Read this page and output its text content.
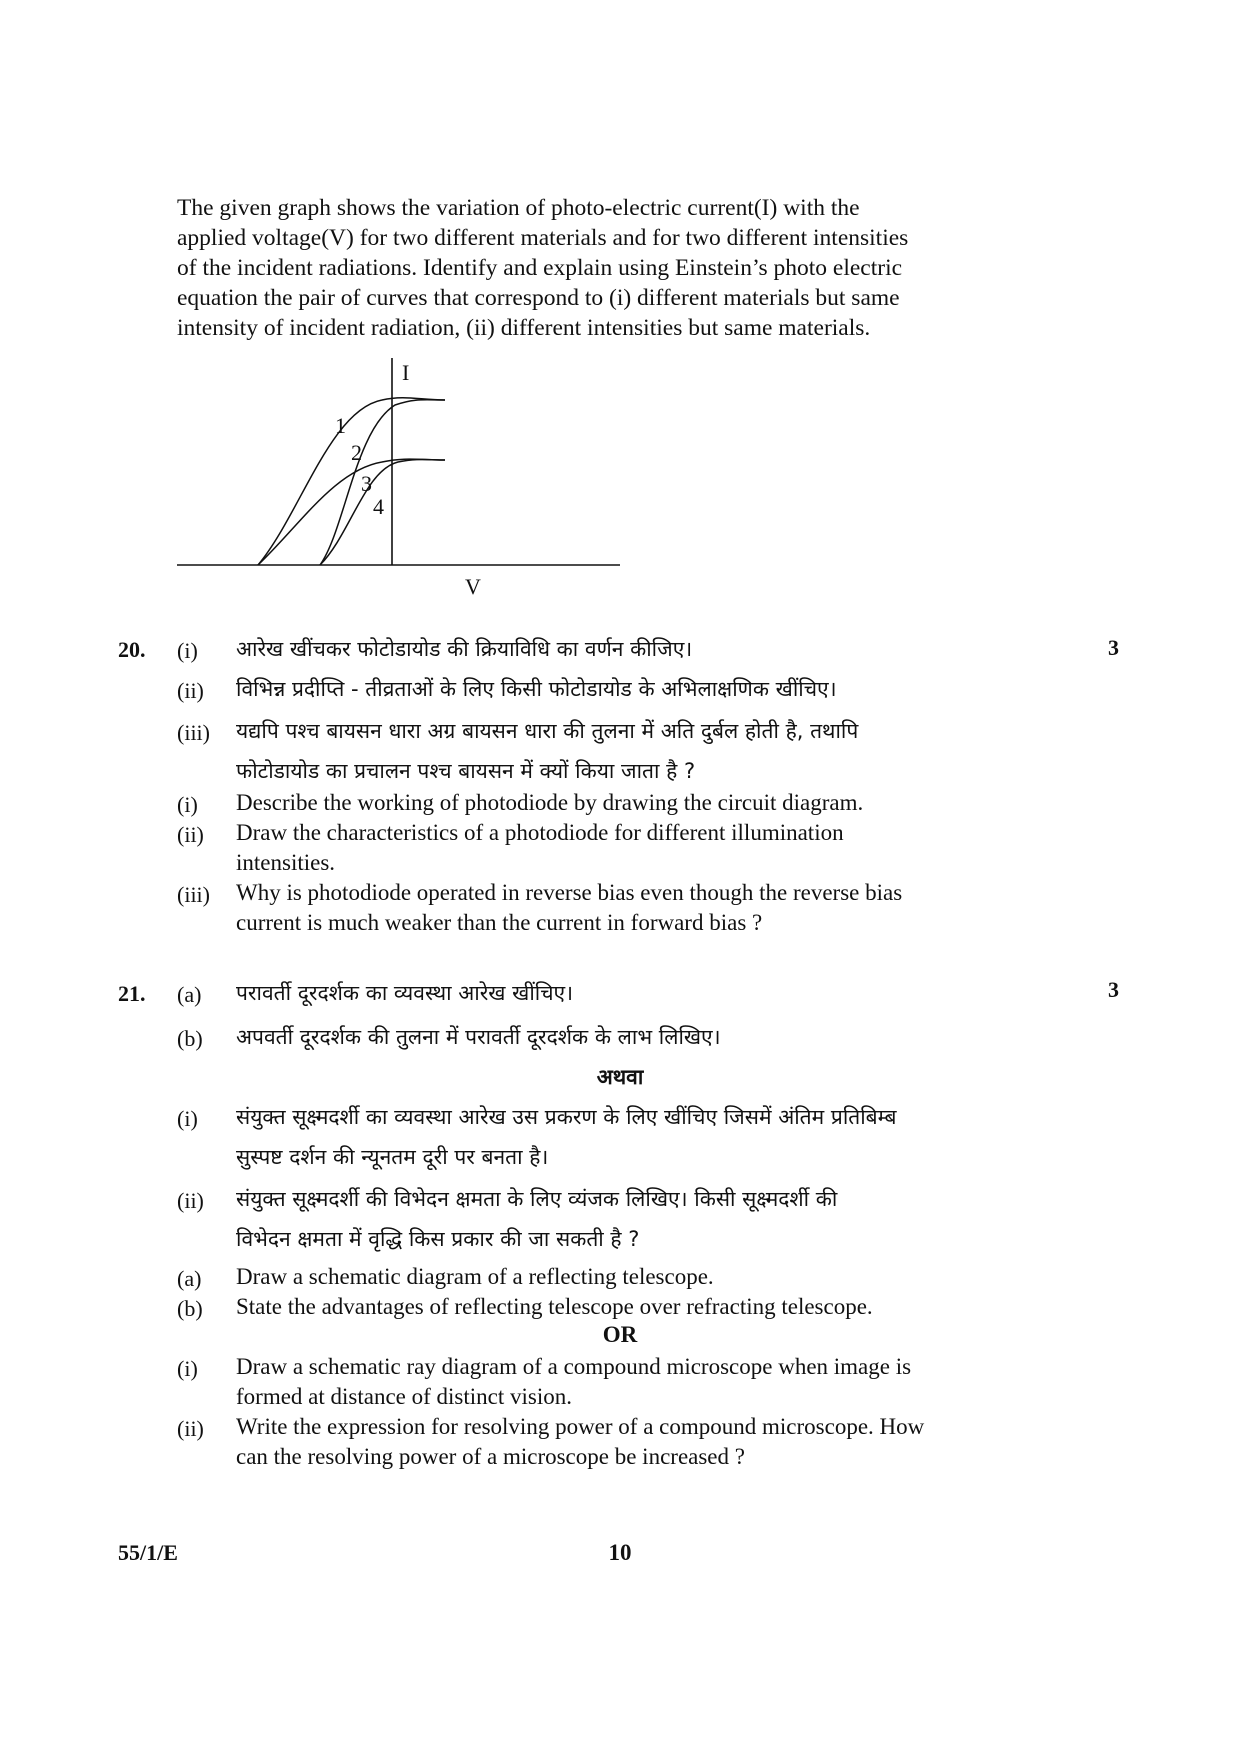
The given graph shows the variation of photo-electric current(I) with the
applied voltage(V) for two different materials and for two different intensities
of the incident radiations. Identify and explain using Einstein’s photo electric
equation the pair of curves that correspond to (i) different materials but same
intensity of incident radiation, (ii) different intensities but same materials.
I
V
1
2
3
4
20.	3
(i) आरेख खींचकर फोटोडायोड की क्रियाविधि का वर्णन कीजिए।
(ii) विभिन्न प्रदीप्ति - तीव्रताओं के लिए किसी फोटोडायोड के अभिलाक्षणिक खींचिए।
(iii) यद्यपि पश्च बायसन धारा अग्र बायसन धारा की तुलना में अति दुर्बल होती है, तथापि
फोटोडायोड का प्रचालन पश्च बायसन में क्यों किया जाता है ?
(i) Describe the working of photodiode by drawing the circuit diagram.
(ii) Draw the characteristics of a photodiode for different illumination
intensities.
(iii) Why is photodiode operated in reverse bias even though the reverse bias
current is much weaker than the current in forward bias ?
21.	3
(a) परावर्ती दूरदर्शक का व्यवस्था आरेख खींचिए।
(b) अपवर्ती दूरदर्शक की तुलना में परावर्ती दूरदर्शक के लाभ लिखिए।
अथवा
(i) संयुक्त सूक्ष्मदर्शी का व्यवस्था आरेख उस प्रकरण के लिए खींचिए जिसमें अंतिम प्रतिबिम्ब
सुस्पष्ट दर्शन की न्यूनतम दूरी पर बनता है।
(ii) संयुक्त सूक्ष्मदर्शी की विभेदन क्षमता के लिए व्यंजक लिखिए। किसी सूक्ष्मदर्शी की
विभेदन क्षमता में वृद्धि किस प्रकार की जा सकती है ?
(a) Draw a schematic diagram of a reflecting telescope.
(b) State the advantages of reflecting telescope over refracting telescope.
OR
(i) Draw a schematic ray diagram of a compound microscope when image is
formed at distance of distinct vision.
(ii) Write the expression for resolving power of a compound microscope. How
can the resolving power of a microscope be increased ?
55/1/E	10
